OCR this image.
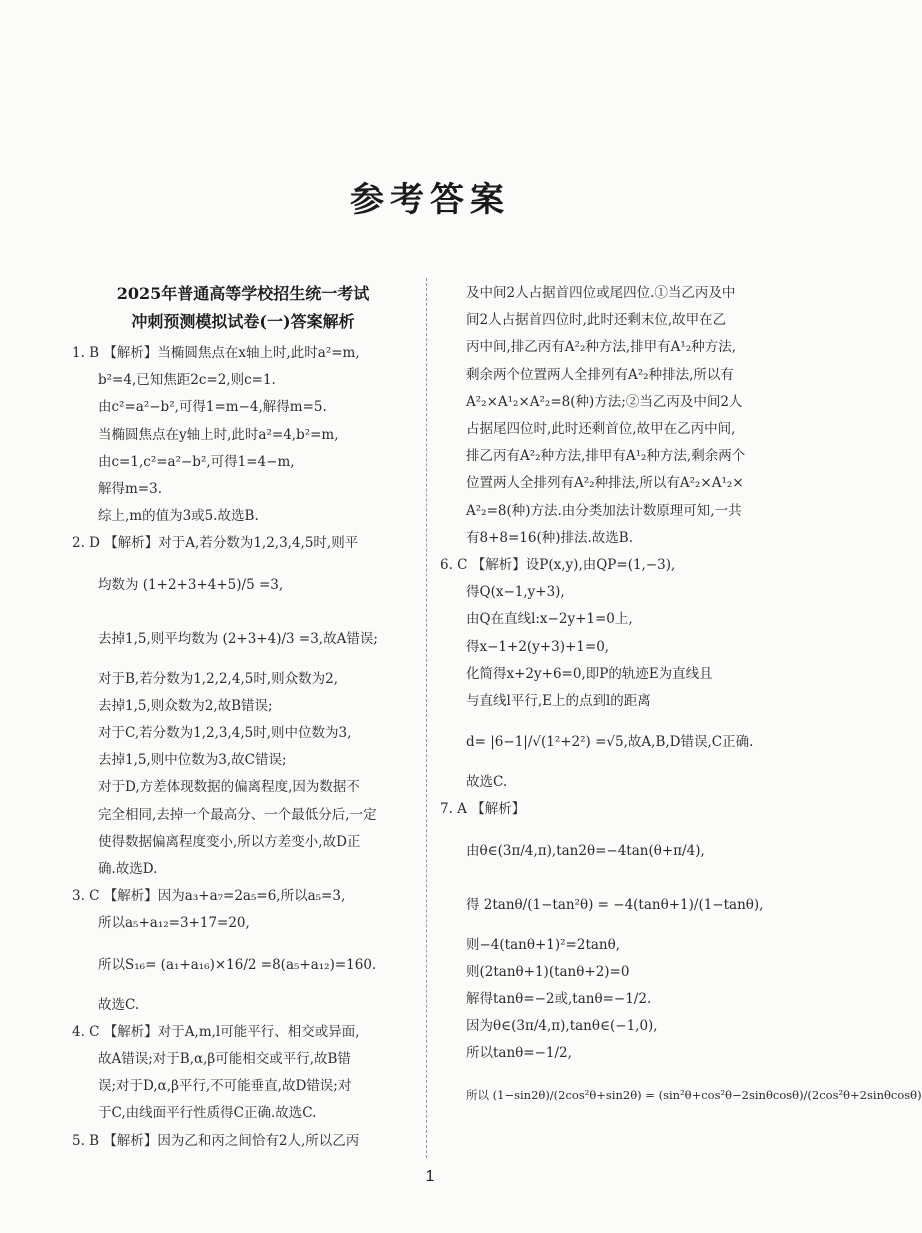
参考答案
2025年普通高等学校招生统一考试
冲刺预测模拟试卷(一)答案解析
1. B 【解析】当椭圆焦点在x轴上时,此时a²=m,
b²=4,已知焦距2c=2,则c=1.
由c²=a²−b²,可得1=m−4,解得m=5.
当椭圆焦点在y轴上时,此时a²=4,b²=m,
由c=1,c²=a²−b²,可得1=4−m,
解得m=3.
综上,m的值为3或5.故选B.
2. D 【解析】对于A,若分数为1,2,3,4,5时,则平
均数为 (1+2+3+4+5)/5 =3,
去掉1,5,则平均数为 (2+3+4)/3 =3,故A错误;
对于B,若分数为1,2,2,4,5时,则众数为2,
去掉1,5,则众数为2,故B错误;
对于C,若分数为1,2,3,4,5时,则中位数为3,
去掉1,5,则中位数为3,故C错误;
对于D,方差体现数据的偏离程度,因为数据不
完全相同,去掉一个最高分、一个最低分后,一定
使得数据偏离程度变小,所以方差变小,故D正
确.故选D.
3. C 【解析】因为a₃+a₇=2a₅=6,所以a₅=3,
所以a₅+a₁₂=3+17=20,
所以S₁₆= (a₁+a₁₆)×16/2 =8(a₅+a₁₂)=160.
故选C.
4. C 【解析】对于A,m,l可能平行、相交或异面,
故A错误;对于B,α,β可能相交或平行,故B错
误;对于D,α,β平行,不可能垂直,故D错误;对
于C,由线面平行性质得C正确.故选C.
5. B 【解析】因为乙和丙之间恰有2人,所以乙丙
及中间2人占据首四位或尾四位.①当乙丙及中
间2人占据首四位时,此时还剩末位,故甲在乙
丙中间,排乙丙有A²₂种方法,排甲有A¹₂种方法,
剩余两个位置两人全排列有A²₂种排法,所以有
A²₂×A¹₂×A²₂=8(种)方法;②当乙丙及中间2人
占据尾四位时,此时还剩首位,故甲在乙丙中间,
排乙丙有A²₂种方法,排甲有A¹₂种方法,剩余两个
位置两人全排列有A²₂种排法,所以有A²₂×A¹₂×
A²₂=8(种)方法.由分类加法计数原理可知,一共
有8+8=16(种)排法.故选B.
6. C 【解析】设P(x,y),由QP=(1,−3),
得Q(x−1,y+3),
由Q在直线l:x−2y+1=0上,
得x−1+2(y+3)+1=0,
化简得x+2y+6=0,即P的轨迹E为直线且
与直线l平行,E上的点到l的距离
d= |6−1|/√(1²+2²) =√5,故A,B,D错误,C正确.
故选C.
7. A 【解析】
由θ∈(3π/4,π),tan2θ=−4tan(θ+π/4),
得 2tanθ/(1−tan²θ) = −4(tanθ+1)/(1−tanθ),
则−4(tanθ+1)²=2tanθ,
则(2tanθ+1)(tanθ+2)=0
解得tanθ=−2或,tanθ=−1/2.
因为θ∈(3π/4,π),tanθ∈(−1,0),
所以tanθ=−1/2,
所以 (1−sin2θ)/(2cos²θ+sin2θ) = (sin²θ+cos²θ−2sinθcosθ)/(2cos²θ+2sinθcosθ)
1
